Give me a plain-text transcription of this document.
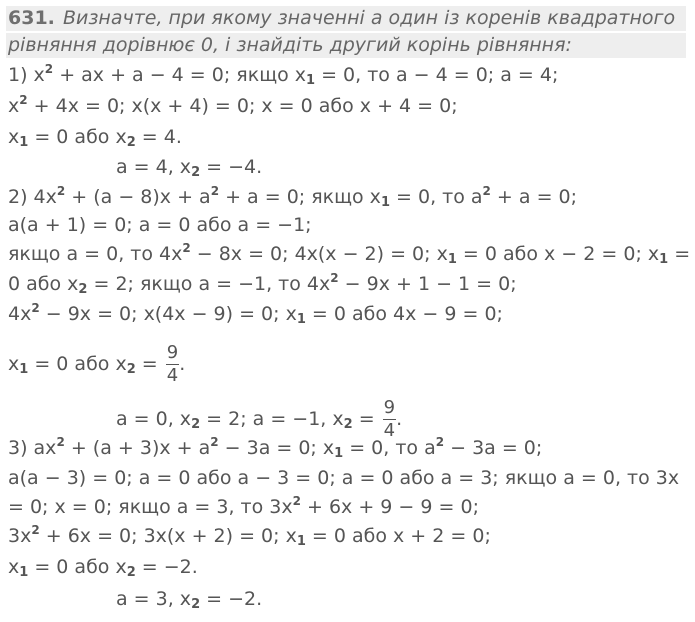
631. Визначте, при якому значенні а один із коренів квадратного
рівняння дорівнює 0, і знайдіть другий корінь рівняння:
1) $x^2$ + ax + a − 4 = 0; якщо $x_1 = 0$, то a − 4 = 0; a = 4;
$x^2 + 4x = 0$; x(x + 4) = 0; x = 0 або x + 4 = 0;
$x_1 = 0$ або $x_2 = 4$.
a = 4, $x_2 = -4$.
2) $4x^2 + (a - 8)x + a^2 + a = 0$; якщо $x_1 = 0$, то $a^2 + a = 0$;
a(a + 1) = 0; a = 0 або a = −1;
якщо a = 0, то $4x^2 - 8x = 0$; 4x(x − 2) = 0; $x_1 = 0$ або x − 2 = 0; $x_1$ =
0 або $x_2 = 2$; якщо a = −1, то $4x^2 - 9x + 1 - 1 = 0$;
$4x^2 - 9x = 0$; x(4x − 9) = 0; $x_1 = 0$ або 4x − 9 = 0;
$x_1 = 0$ або $x_2 = \frac{9}{4}$ .
a = 0, $x_2 = 2$; a = −1, $x_2 = \frac{9}{4}$ .
3) $ax^2 + (a + 3)x + a^2 - 3a = 0$; $x_1 = 0$, то $a^2 - 3a = 0$;
a(a − 3) = 0; a = 0 або a − 3 = 0; a = 0 або a = 3; якщо a = 0, то 3x
= 0; x = 0; якщо a = 3, то $3x^2 + 6x + 9 - 9 = 0$;
$3x^2 + 6x = 0$; 3x(x + 2) = 0; $x_1 = 0$ або x + 2 = 0;
$x_1 = 0$ або $x_2 = -2$.
a = 3, $x_2 = -2$.
